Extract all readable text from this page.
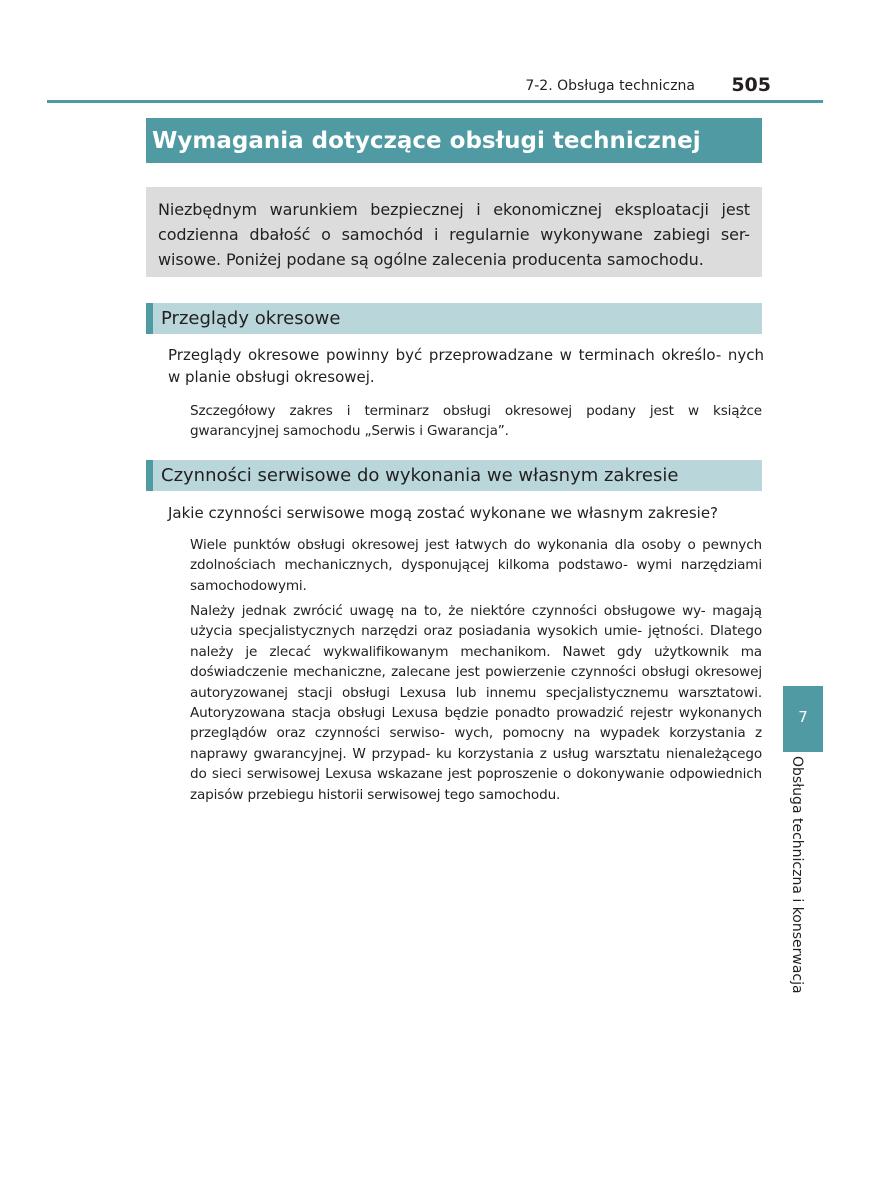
7-2. Obsługa techniczna 505
Wymagania dotyczące obsługi technicznej

Niezbędnym warunkiem bezpiecznej i ekonomicznej eksploatacji jest codzienna dbałość o samochód i regularnie wykonywane zabiegi ser- wisowe. Poniżej podane są ogólne zalecenia producenta samochodu.

Przeglądy okresowe

Przeglądy okresowe powinny być przeprowadzane w terminach określo- nych w planie obsługi okresowej.

Szczegółowy zakres i terminarz obsługi okresowej podany jest w książce gwarancyjnej samochodu „Serwis i Gwarancja”.

Czynności serwisowe do wykonania we własnym zakresie

Jakie czynności serwisowe mogą zostać wykonane we własnym zakresie?

Wiele punktów obsługi okresowej jest łatwych do wykonania dla osoby o pewnych zdolnościach mechanicznych, dysponującej kilkoma podstawo- wymi narzędziami samochodowymi.

Należy jednak zwrócić uwagę na to, że niektóre czynności obsługowe wy- magają użycia specjalistycznych narzędzi oraz posiadania wysokich umie- jętności. Dlatego należy je zlecać wykwalifikowanym mechanikom. Nawet gdy użytkownik ma doświadczenie mechaniczne, zalecane jest powierzenie czynności obsługi okresowej autoryzowanej stacji obsługi Lexusa lub innemu specjalistycznemu warsztatowi. Autoryzowana stacja obsługi Lexusa będzie ponadto prowadzić rejestr wykonanych przeglądów oraz czynności serwiso- wych, pomocny na wypadek korzystania z naprawy gwarancyjnej. W przypad- ku korzystania z usług warsztatu nienależącego do sieci serwisowej Lexusa wskazane jest poproszenie o dokonywanie odpowiednich zapisów przebiegu historii serwisowej tego samochodu.

7
Obsługa techniczna i konserwacja
